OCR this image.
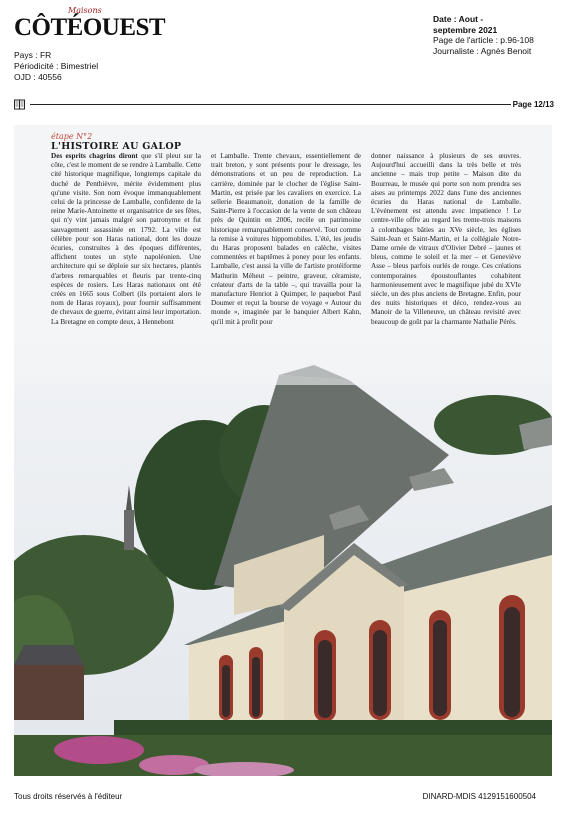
Maisons
CÔTÉOUEST
Pays : FR
Périodicité : Bimestriel
OJD : 40556
Date : Aout -
septembre 2021
Page de l'article : p.96-108
Journaliste : Agnès Benoit
Page 12/13
étape N°2
L'HISTOIRE AU GALOP
Des esprits chagrins diront que s'il pleut sur la côte, c'est le moment de se rendre à Lamballe. Cette cité historique magnifique, longtemps capitale du duché de Penthièvre, mérite évidemment plus qu'une visite. Son nom évoque immanquablement celui de la princesse de Lamballe, confidente de la reine Marie-Antoinette et organisatrice de ses fêtes, qui n'y vint jamais malgré son patronyme et fut sauvagement assassinée en 1792. La ville est célèbre pour son Haras national, dont les douze écuries, construites à des époques différentes, affichent toutes un style napoléonien. Une architecture qui se déploie sur six hectares, plantés d'arbres remarquables et fleuris par trente-cinq espèces de rosiers. Les Haras nationaux ont été créés en 1665 sous Colbert (ils portaient alors le nom de Haras royaux), pour fournir suffisamment de chevaux de guerre, évitant ainsi leur importation. La Bretagne en compte deux, à Hennebont
et Lamballe. Trente chevaux, essentiellement de trait breton, y sont présents pour le dressage, les démonstrations et un peu de reproduction. La carrière, dominée par le clocher de l'église Saint-Martin, est prisée par les cavaliers en exercice. La sellerie Beaumanoir, donation de la famille de Saint-Pierre à l'occasion de la vente de son château près de Quintin en 2006, recèle un patrimoine historique remarquablement conservé. Tout comme la remise à voitures hippomobiles. L'été, les jeudis du Haras proposent balades en calèche, visites commentées et baptêmes à poney pour les enfants. Lamballe, c'est aussi la ville de l'artiste protéiforme Mathurin Méheut – peintre, graveur, céramiste, créateur d'arts de la table –, qui travailla pour la manufacture Henriot à Quimper, le paquebot Paul Doumer et reçut la bourse de voyage « Autour du monde », imaginée par le banquier Albert Kahn, qu'il mit à profit pour
donner naissance à plusieurs de ses œuvres. Aujourd'hui accueilli dans la très belle et très ancienne – mais trop petite – Maison dite du Bourreau, le musée qui porte son nom prendra ses aises au printemps 2022 dans l'une des anciennes écuries du Haras national de Lamballe. L'événement est attendu avec impatience ! Le centre-ville offre au regard les trente-trois maisons à colombages bâties au XVe siècle, les églises Saint-Jean et Saint-Martin, et la collégiale Notre-Dame ornée de vitraux d'Olivier Debré – jaunes et bleus, comme le soleil et la mer – et Geneviève Asse – bleus parfois ourlés de rouge. Ces créations contemporaines époustouflantes cohabitent harmonieusement avec le magnifique jubé du XVIe siècle, un des plus anciens de Bretagne. Enfin, pour des nuits historiques et déco, rendez-vous au Manoir de la Villeneuve, un château revisité avec beaucoup de goût par la charmante Nathalie Pérès.
Tous droits réservés à l'éditeur	DINARD-MDIS 4129151600504
